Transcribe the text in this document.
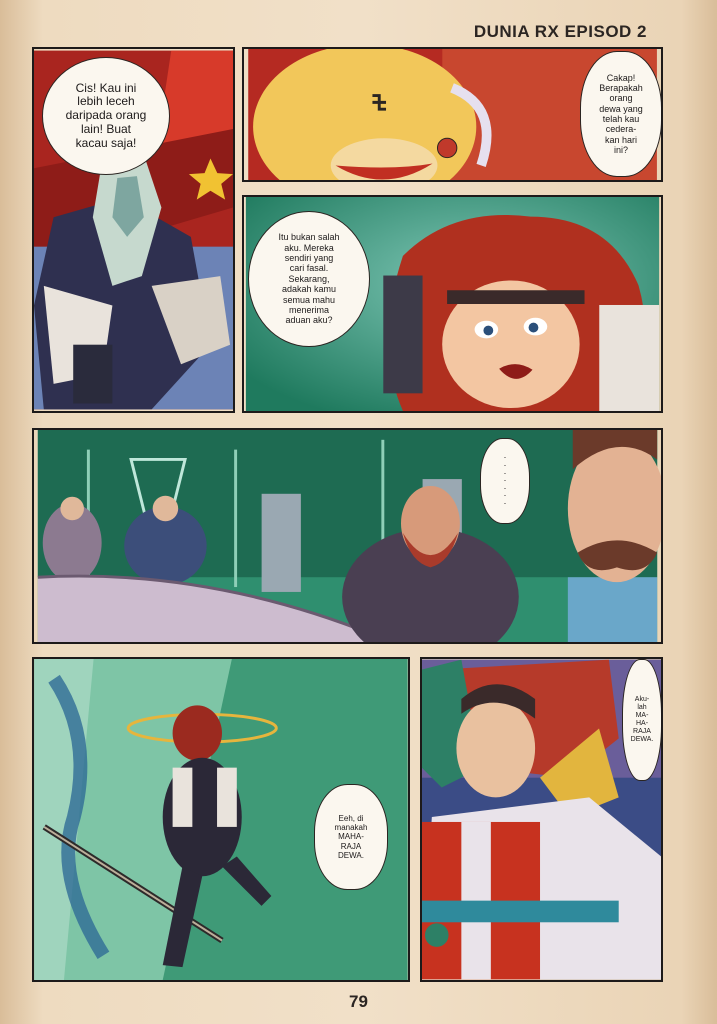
DUNIA RX EPISOD 2
Cis! Kau ini
lebih leceh
daripada orang
lain! Buat
kacau saja!
Cakap!
Berapakah
orang
dewa yang
telah kau
cedera-
kan hari
ini?
Itu bukan salah
aku. Mereka
sendiri yang
cari fasal.
Sekarang,
adakah kamu
semua mahu
menerima
aduan aku?
·
·
·
·
·
·
·
Eeh, di
manakah
MAHA-
RAJA
DEWA.
Aku-
lah
MA-
HA-
RAJA
DEWA.
79
